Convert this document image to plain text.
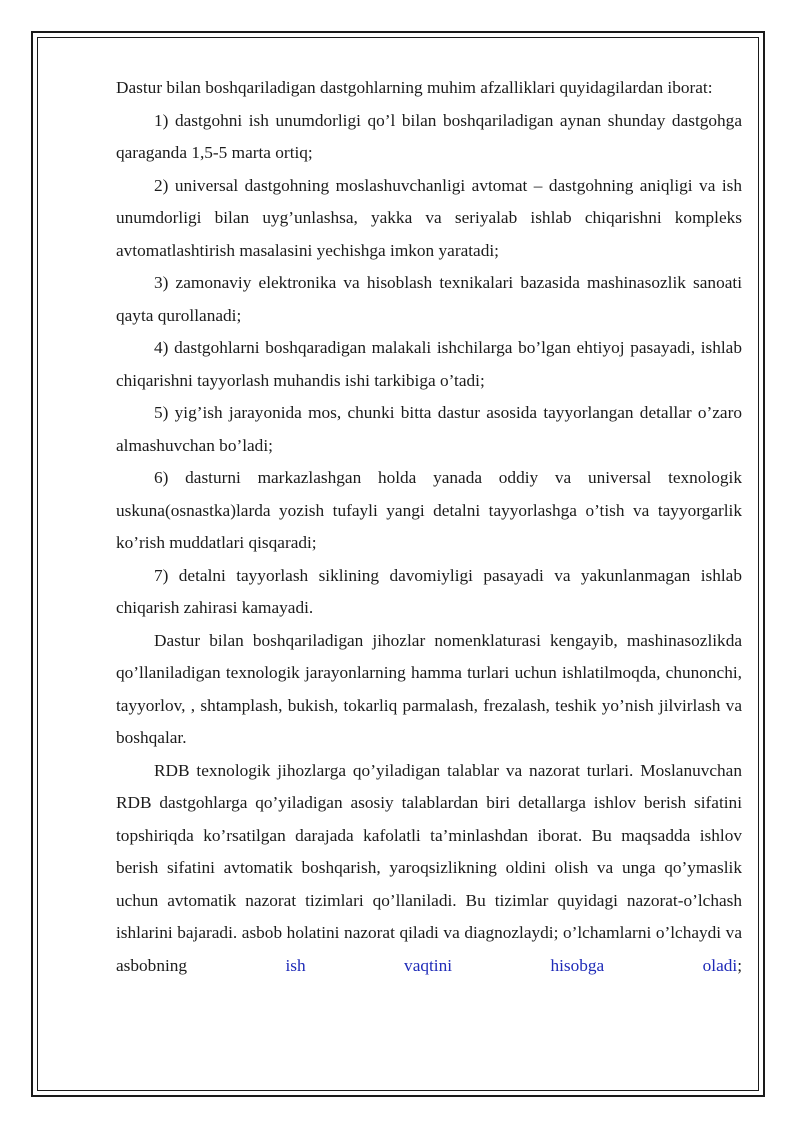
Dastur bilan boshqariladigan dastgohlarning muhim afzalliklari quyidagilardan iborat:

1) dastgohni ish unumdorligi qo’l bilan boshqariladigan aynan shunday dastgohga qaraganda 1,5-5 marta ortiq;

2) universal dastgohning moslashuvchanligi avtomat – dastgohning aniqligi va ish unumdorligi bilan uyg’unlashsa, yakka va seriyalab ishlab chiqarishni kompleks avtomatlashtirish masalasini yechishga imkon yaratadi;

3) zamonaviy elektronika va hisoblash texnikalari bazasida mashinasozlik sanoati qayta qurollanadi;

4) dastgohlarni boshqaradigan malakali ishchilarga bo’lgan ehtiyoj pasayadi, ishlab chiqarishni tayyorlash muhandis ishi tarkibiga o’tadi;

5) yig’ish jarayonida mos, chunki bitta dastur asosida tayyorlangan detallar o’zaro almashuvchan bo’ladi;

6) dasturni markazlashgan holda yanada oddiy va universal texnologik uskuna(osnastka)larda yozish tufayli yangi detalni tayyorlashga o’tish va tayyorgarlik ko’rish muddatlari qisqaradi;

7) detalni tayyorlash siklining davomiyligi pasayadi va yakunlanmagan ishlab chiqarish zahirasi kamayadi.

Dastur bilan boshqariladigan jihozlar nomenklaturasi kengayib, mashinasozlikda qo’llaniladigan texnologik jarayonlarning hamma turlari uchun ishlatilmoqda, chunonchi, tayyorlov, , shtamplash, bukish, tokarliq parmalash, frezalash, teshik yo’nish jilvirlash va boshqalar.

RDB texnologik jihozlarga qo’yiladigan talablar va nazorat turlari. Moslanuvchan RDB dastgohlarga qo’yiladigan asosiy talablardan biri detallarga ishlov berish sifatini topshiriqda ko’rsatilgan darajada kafolatli ta’minlashdan iborat. Bu maqsadda ishlov berish sifatini avtomatik boshqarish, yaroqsizlikning oldini olish va unga qo’ymaslik uchun avtomatik nazorat tizimlari qo’llaniladi. Bu tizimlar quyidagi nazorat-o’lchash ishlarini bajaradi. asbob holatini nazorat qiladi va diagnozlaydi; o’lchamlarni o’lchaydi va asbobning ish vaqtini hisobga oladi;
